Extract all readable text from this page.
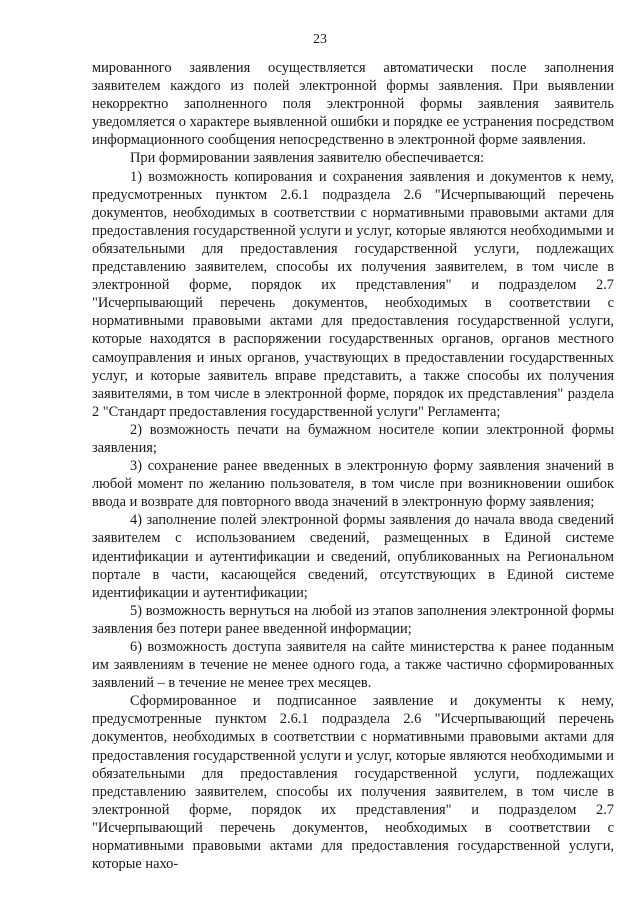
23

мированного заявления осуществляется автоматически после заполнения заявителем каждого из полей электронной формы заявления. При выявлении некорректно заполненного поля электронной формы заявления заявитель уведомляется о характере выявленной ошибки и порядке ее устранения посредством информационного сообщения непосредственно в электронной форме заявления.

При формировании заявления заявителю обеспечивается:

1) возможность копирования и сохранения заявления и документов к нему, предусмотренных пунктом 2.6.1 подраздела 2.6 "Исчерпывающий перечень документов, необходимых в соответствии с нормативными правовыми актами для предоставления государственной услуги и услуг, которые являются необходимыми и обязательными для предоставления государственной услуги, подлежащих представлению заявителем, способы их получения заявителем, в том числе в электронной форме, порядок их представления" и подразделом 2.7 "Исчерпывающий перечень документов, необходимых в соответствии с нормативными правовыми актами для предоставления государственной услуги, которые находятся в распоряжении государственных органов, органов местного самоуправления и иных органов, участвующих в предоставлении государственных услуг, и которые заявитель вправе представить, а также способы их получения заявителями, в том числе в электронной форме, порядок их представления" раздела 2 "Стандарт предоставления государственной услуги" Регламента;

2) возможность печати на бумажном носителе копии электронной формы заявления;

3) сохранение ранее введенных в электронную форму заявления значений в любой момент по желанию пользователя, в том числе при возникновении ошибок ввода и возврате для повторного ввода значений в электронную форму заявления;

4) заполнение полей электронной формы заявления до начала ввода сведений заявителем с использованием сведений, размещенных в Единой системе идентификации и аутентификации и сведений, опубликованных на Региональном портале в части, касающейся сведений, отсутствующих в Единой системе идентификации и аутентификации;

5) возможность вернуться на любой из этапов заполнения электронной формы заявления без потери ранее введенной информации;

6) возможность доступа заявителя на сайте министерства к ранее поданным им заявлениям в течение не менее одного года, а также частично сформированных заявлений – в течение не менее трех месяцев.

Сформированное и подписанное заявление и документы к нему, предусмотренные пунктом 2.6.1 подраздела 2.6 "Исчерпывающий перечень документов, необходимых в соответствии с нормативными правовыми актами для предоставления государственной услуги и услуг, которые являются необходимыми и обязательными для предоставления государственной услуги, подлежащих представлению заявителем, способы их получения заявителем, в том числе в электронной форме, порядок их представления" и подразделом 2.7 "Исчерпывающий перечень документов, необходимых в соответствии с нормативными правовыми актами для предоставления государственной услуги, которые нахо-
